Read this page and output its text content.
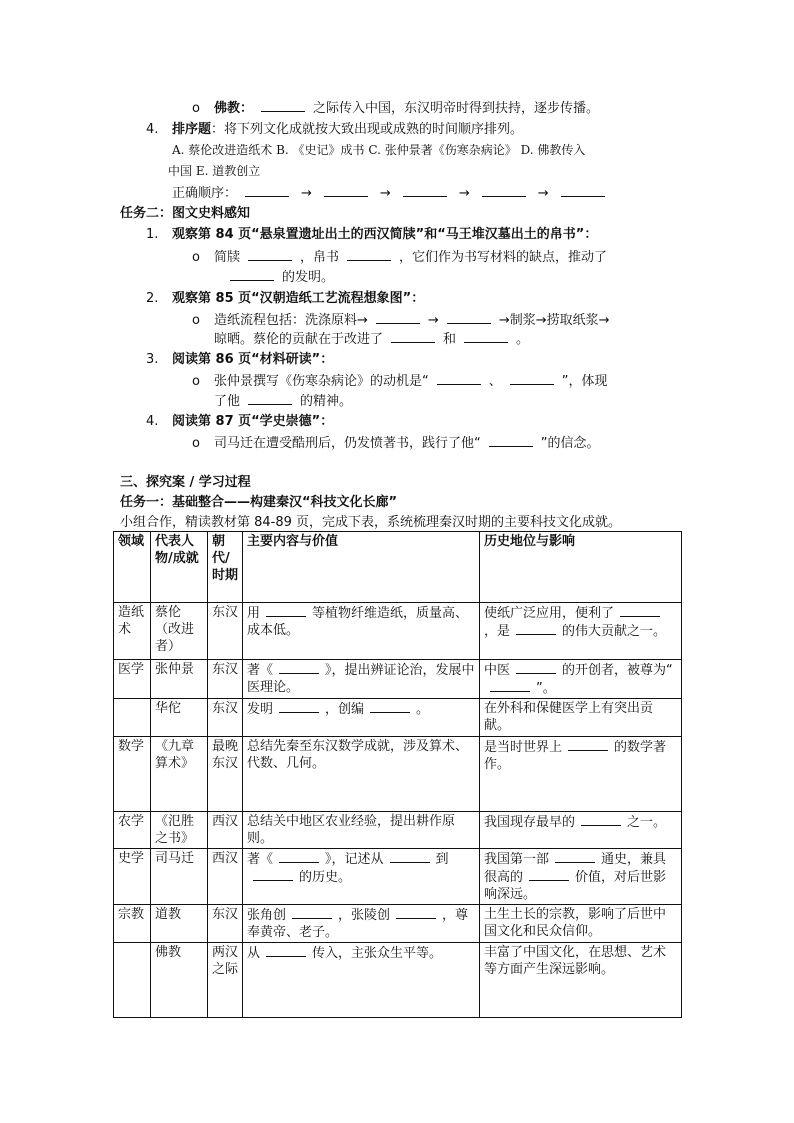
o 佛教：	之际传入中国，东汉明帝时得到扶持，逐步传播。
4. 排序题：将下列文化成就按大致出现或成熟的时间顺序排列。
A. 蔡伦改进造纸术 B. 《史记》成书 C. 张仲景著《伤寒杂病论》 D. 佛教传入
中国 E. 道教创立
正确顺序：	→	→	→	→
任务二：图文史料感知
1. 观察第 84 页“悬泉置遗址出土的西汉简牍”和“马王堆汉墓出土的帛书”：
o 简牍	，帛书	，它们作为书写材料的缺点，推动了
的发明。
2. 观察第 85 页“汉朝造纸工艺流程想象图”：
o 造纸流程包括：洗涤原料→	→	→制浆→捞取纸浆→
晾晒。蔡伦的贡献在于改进了	和	。
3. 阅读第 86 页“材料研读”：
o 张仲景撰写《伤寒杂病论》的动机是“	、	”，体现
了他	的精神。
4. 阅读第 87 页“学史崇德”：
o 司马迁在遭受酷刑后，仍发愤著书，践行了他“	”的信念。
三、探究案 / 学习过程
任务一：基础整合——构建秦汉“科技文化长廊”
小组合作，精读教材第 84-89 页，完成下表，系统梳理秦汉时期的主要科技文化成就。
领域	代表人物/成就	朝代/时期	主要内容与价值	历史地位与影响
造纸术	蔡伦（改进者）	东汉	用 等植物纤维造纸，质量高、成本低。	使纸广泛应用，便利了，是 的伟大贡献之一。
医学	张仲景	东汉	著《 》，提出辨证论治，发展中医理论。	中医 的开创者，被尊为“”。
	华佗	东汉	发明 ，创编 。	在外科和保健医学上有突出贡献。
数学	《九章算术》	最晚东汉	总结先秦至东汉数学成就，涉及算术、代数、几何。	是当时世界上 的数学著作。
农学	《氾胜之书》	西汉	总结关中地区农业经验，提出耕作原则。	我国现存最早的 之一。
史学	司马迁	西汉	著《 》，记述从 到的历史。	我国第一部 通史，兼具很高的 价值，对后世影响深远。
宗教	道教	东汉	张角创 ，张陵创 ，尊奉黄帝、老子。	土生土长的宗教，影响了后世中国文化和民众信仰。
	佛教	两汉之际	从 传入，主张众生平等。	丰富了中国文化，在思想、艺术等方面产生深远影响。
